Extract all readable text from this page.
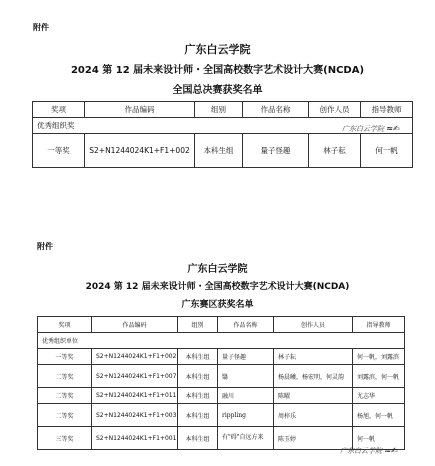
附件
广东白云学院
2024 第 12 届未来设计师・全国高校数字艺术设计大赛(NCDA)
全国总决赛获奖名单
奖项	作品编码	组别	作品名称	创作人员	指导教师
优秀组织奖					
一等奖	S2+N1244024K1+F1+002	本科生组	量子怪趣	林子耘	何一帆
广东白云学院 ≈✍
附件
广东白云学院
2024 第 12 届未来设计师・全国高校数字艺术设计大赛(NCDA)
广东赛区获奖名单
奖项	作品编码	组别	作品名称	创作人员	指导教师
优秀组织单位					
一等奖	S2+N1244024K1+F1+002	本科生组	量子怪趣	林子耘	何一帆，刘露滨
二等奖	S2+N1244024K1+F1+007	本科生组	翳	杨晨曦，杨宏明，何灵韵	刘露滨，何一帆
二等奖	S2+N1244024K1+F1+011	本科生组	融川	陈曜	尤志华
二等奖	S2+N1244024K1+F1+003	本科生组	rippling	周梓乐	杨旭，何一帆
三等奖	S2+N1244024K1+F1+001	本科生组	有"碍"自远方来	陈玉婷	何一帆
广东白云学院 ≈✍
